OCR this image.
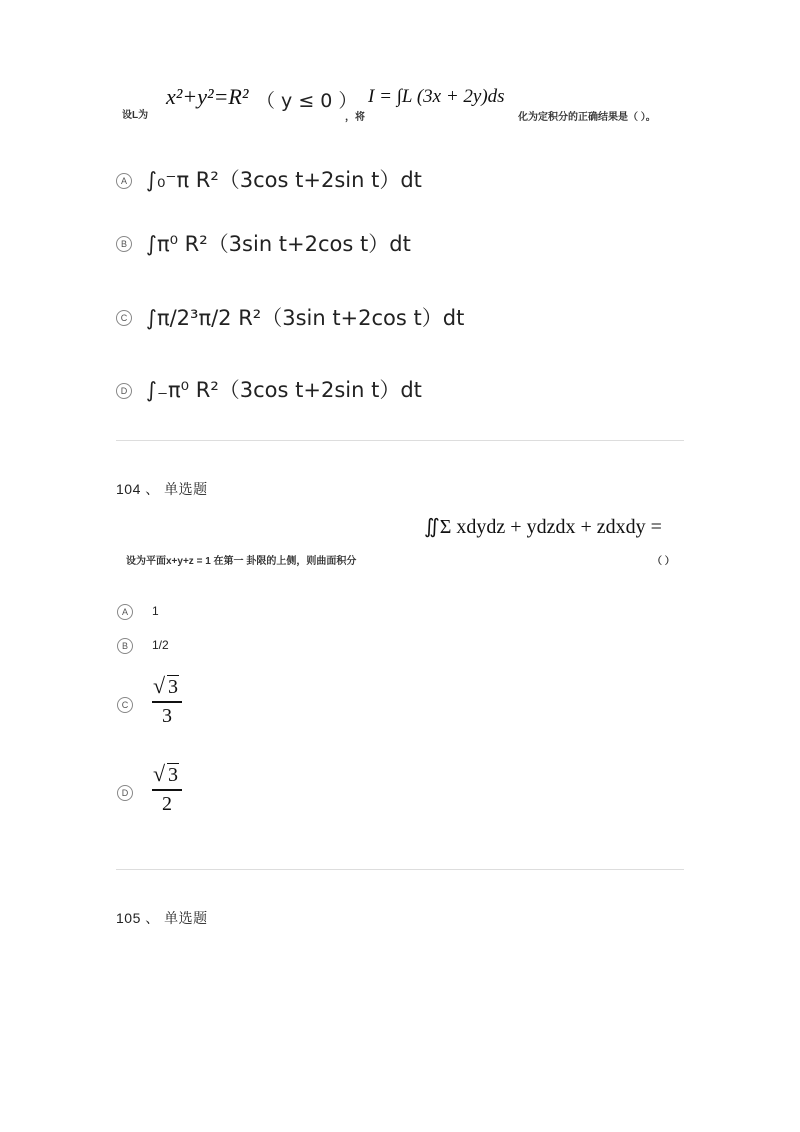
设L为
x²+y²=R² （ y ≤ 0 ）
，将
I = ∫L (3x + 2y)ds
化为定积分的正确结果是（ ）。
A ∫₀⁻π R²（3cos t+2sin t）dt
B ∫π⁰ R²（3sin t+2cos t）dt
C ∫π/2³π/2 R²（3sin t+2cos t）dt
D ∫₋π⁰ R²（3cos t+2sin t）dt
104 、 单选题
设为平面x+y+z = 1 在第一 卦限的上侧，则曲面积分
∬Σ xdydz + ydzdx + zdxdy =
（ ）
A	1
B	1/2
C
√ 3
3
D
√ 3
2
105 、 单选题
